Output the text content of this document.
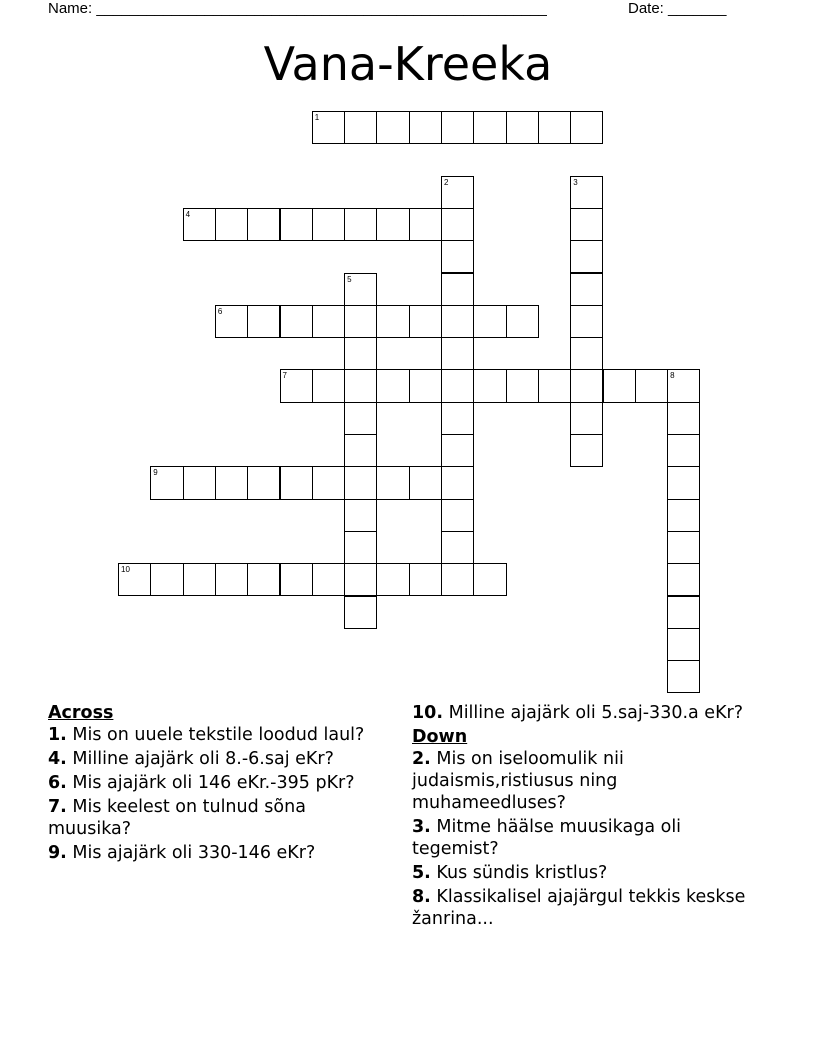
Name: ______________________________________________________	Date: _______
Vana-Kreeka
1
2	3
4
5
6
7	8
9
10
Across
1. Mis on uuele tekstile loodud laul?
4. Milline ajajärk oli 8.-6.saj eKr?
6. Mis ajajärk oli 146 eKr.-395 pKr?
7. Mis keelest on tulnud sõna muusika?
9. Mis ajajärk oli 330-146 eKr?
10. Milline ajajärk oli 5.saj-330.a eKr?
Down
2. Mis on iseloomulik nii judaismis,ristiusus ning muhameedluses?
3. Mitme häälse muusikaga oli tegemist?
5. Kus sündis kristlus?
8. Klassikalisel ajajärgul tekkis keskse žanrina...
